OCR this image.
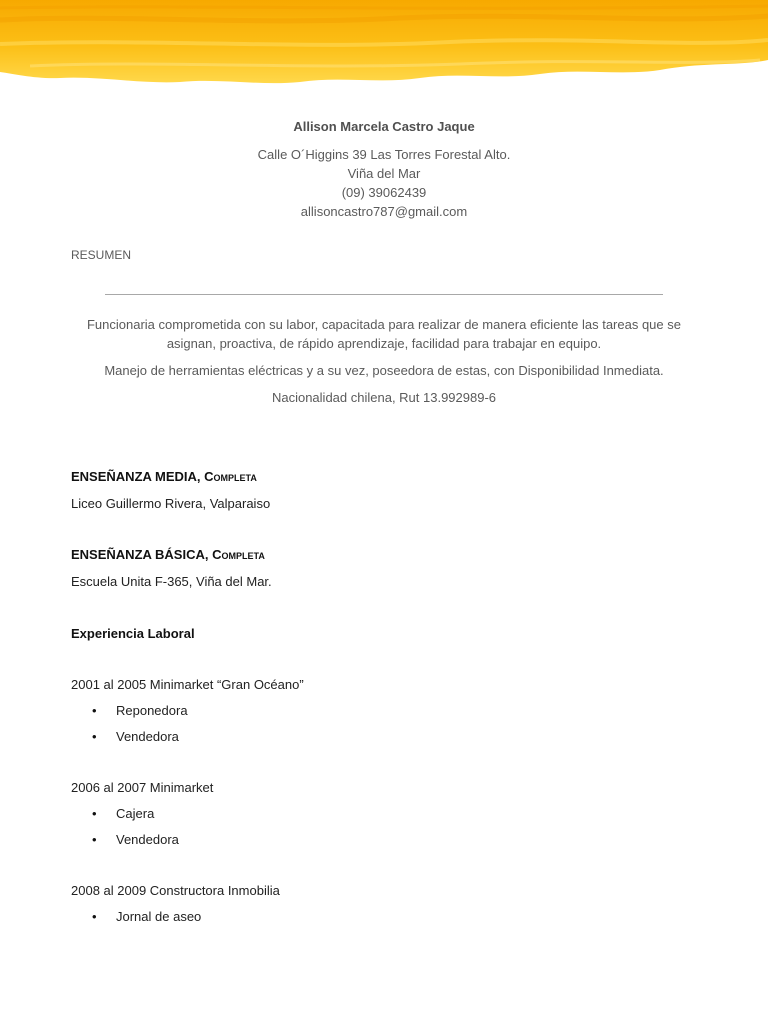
Allison Marcela Castro Jaque
Calle O´Higgins 39 Las Torres Forestal Alto.
Viña del Mar
(09) 39062439
allisoncastro787@gmail.com
RESUMEN
Funcionaria comprometida con su labor, capacitada para realizar de manera eficiente las tareas que se
asignan, proactiva, de rápido aprendizaje, facilidad para trabajar en equipo.
Manejo de herramientas eléctricas y a su vez, poseedora de estas, con Disponibilidad Inmediata.
Nacionalidad chilena, Rut 13.992989-6
ENSEÑANZA MEDIA, Completa
Liceo Guillermo Rivera, Valparaiso
ENSEÑANZA BÁSICA, Completa
Escuela Unita F-365, Viña del Mar.
Experiencia Laboral
2001 al 2005 Minimarket “Gran Océano”
• Reponedora
• Vendedora
2006 al 2007 Minimarket
• Cajera
• Vendedora
2008 al 2009 Constructora Inmobilia
• Jornal de aseo
